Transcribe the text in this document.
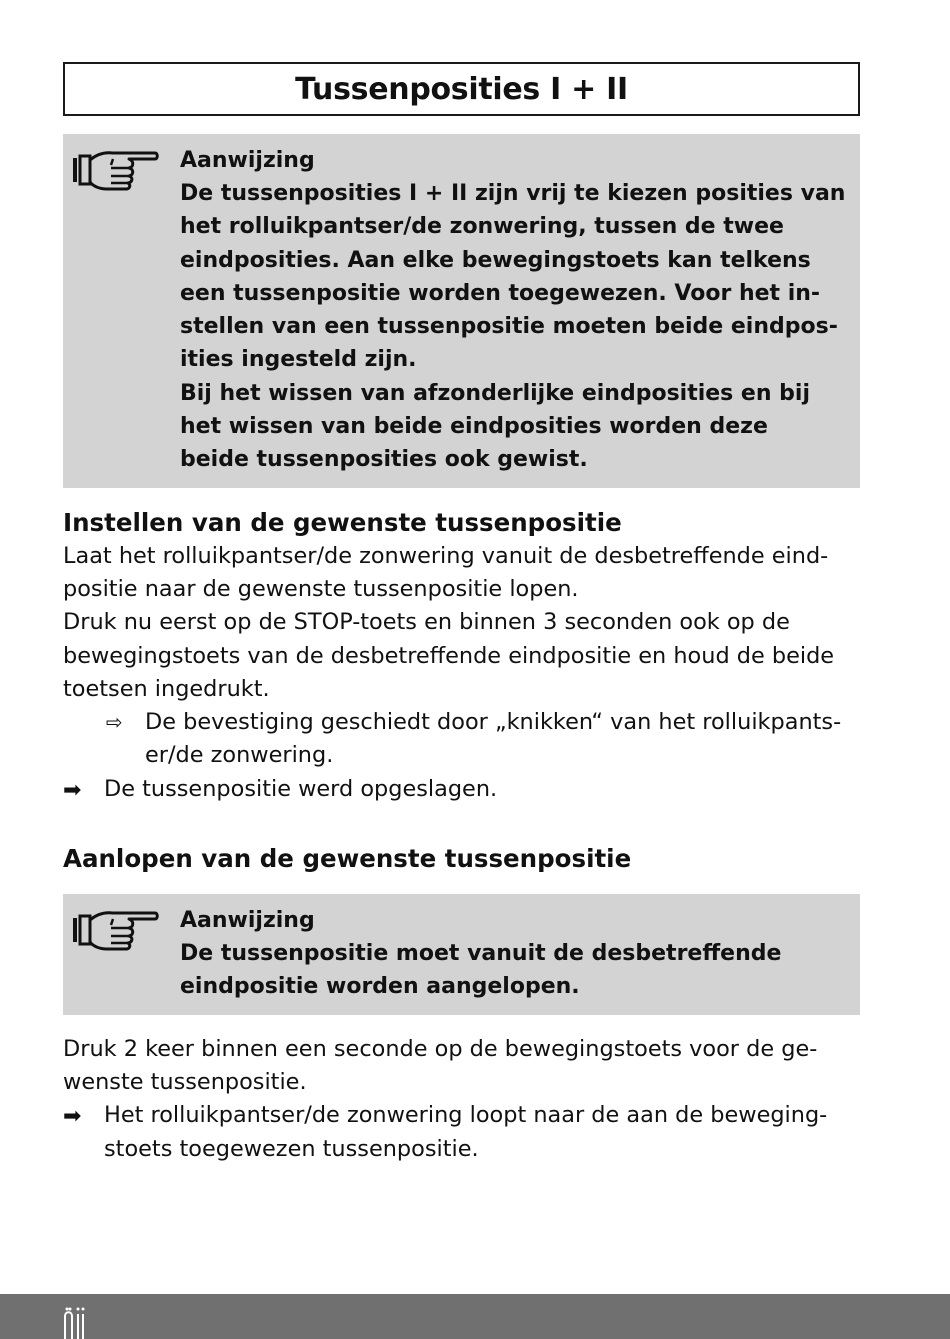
Tussenposities I + II
Aanwijzing
De tussenposities I + II zijn vrij te kiezen posities van
het rolluikpantser/de zonwering, tussen de twee
eindposities. Aan elke bewegingstoets kan telkens
een tussenpositie worden toegewezen. Voor het in-
stellen van een tussenpositie moeten beide eindpos-
ities ingesteld zijn.
Bij het wissen van afzonderlijke eindposities en bij
het wissen van beide eindposities worden deze
beide tussenposities ook gewist.
Instellen van de gewenste tussenpositie

Laat het rolluikpantser/de zonwering vanuit de desbetreffende eind-

positie naar de gewenste tussenpositie lopen.

Druk nu eerst op de STOP-toets en binnen 3 seconden ook op de

bewegingstoets van de desbetreffende eindpositie en houd de beide

toetsen ingedrukt.

⇨ De bevestiging geschiedt door „knikken“ van het rolluikpants-
er/de zonwering.
➡ De tussenpositie werd opgeslagen.
Aanlopen van de gewenste tussenpositie
Aanwijzing
De tussenpositie moet vanuit de desbetreffende
eindpositie worden aangelopen.

Druk 2 keer binnen een seconde op de bewegingstoets voor de ge-

wenste tussenpositie.

➡ Het rolluikpantser/de zonwering loopt naar de aan de beweging-
stoets toegewezen tussenpositie.
